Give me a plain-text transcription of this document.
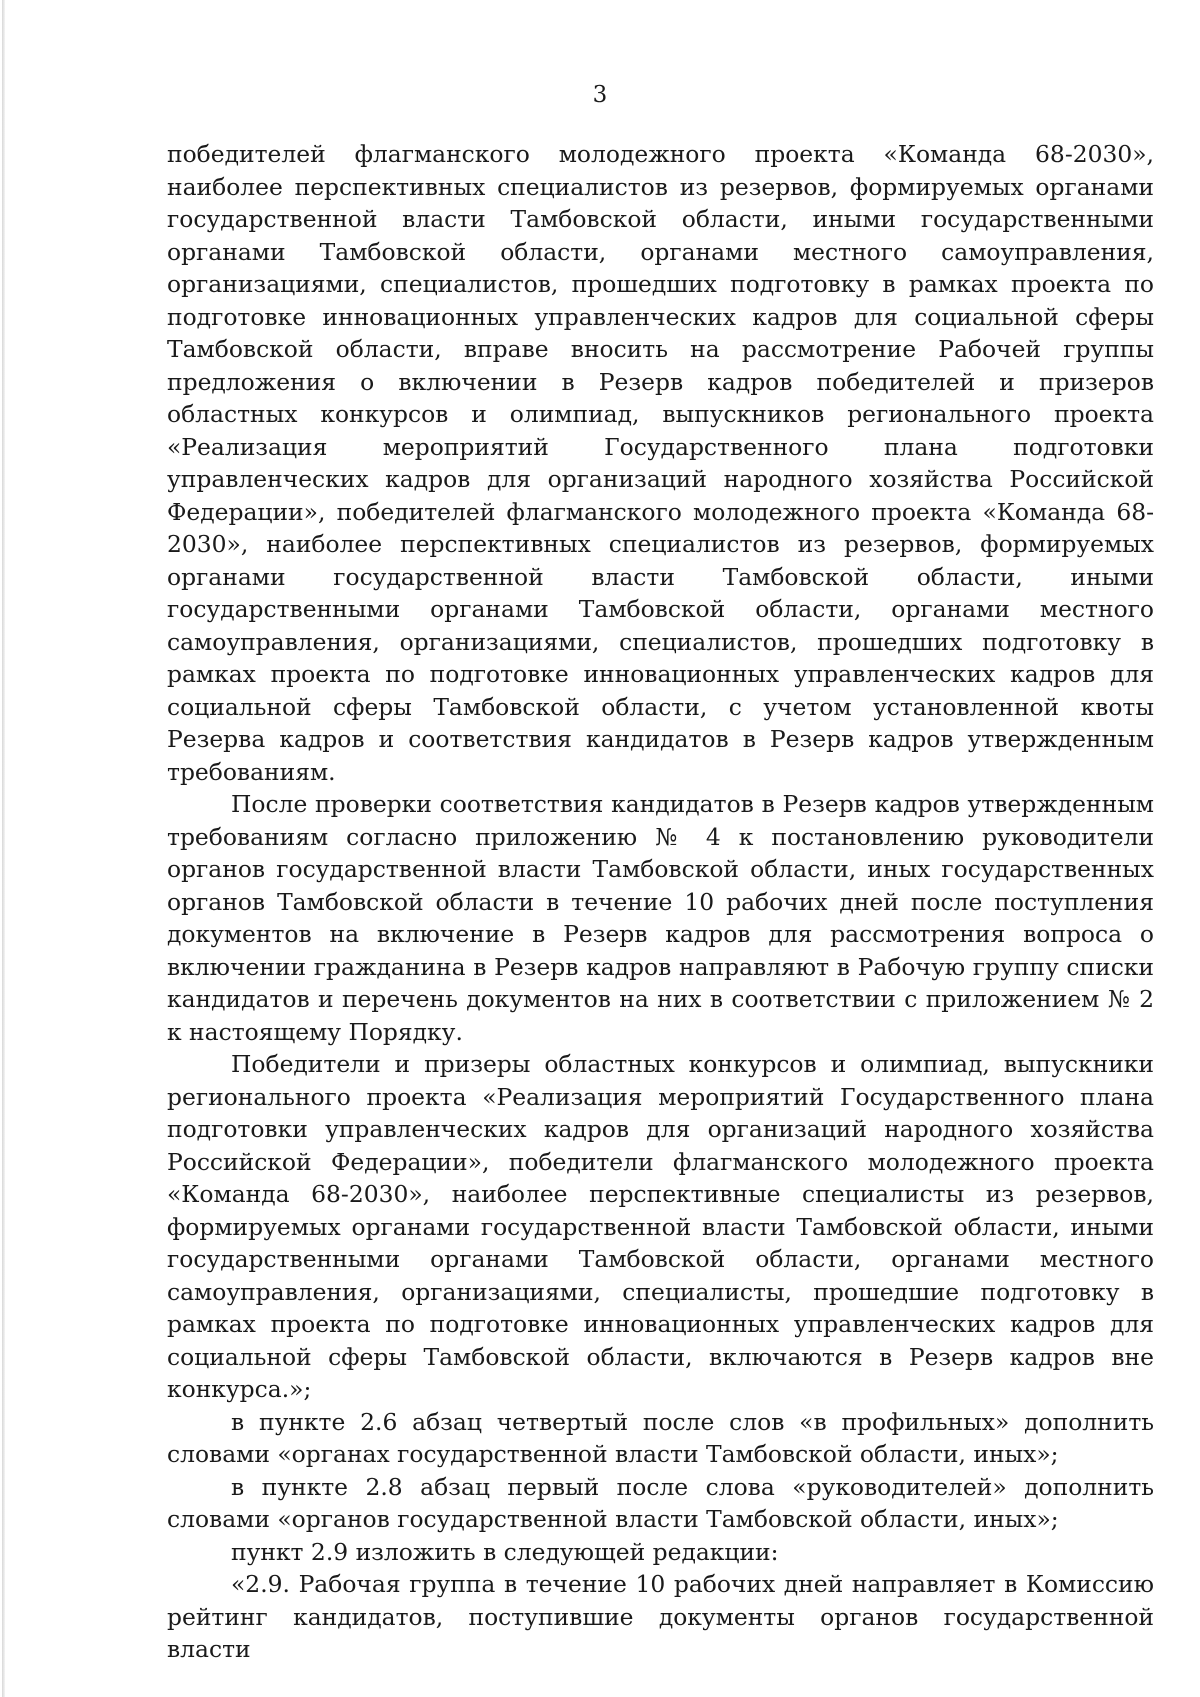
3

победителей флагманского молодежного проекта «Команда 68-2030», наиболее перспективных специалистов из резервов, формируемых органами государственной власти Тамбовской области, иными государственными органами Тамбовской области, органами местного самоуправления, организациями, специалистов, прошедших подготовку в рамках проекта по подготовке инновационных управленческих кадров для социальной сферы Тамбовской области, вправе вносить на рассмотрение Рабочей группы предложения о включении в Резерв кадров победителей и призеров областных конкурсов и олимпиад, выпускников регионального проекта «Реализация мероприятий Государственного плана подготовки управленческих кадров для организаций народного хозяйства Российской Федерации», победителей флагманского молодежного проекта «Команда 68-2030», наиболее перспективных специалистов из резервов, формируемых органами государственной власти Тамбовской области, иными государственными органами Тамбовской области, органами местного самоуправления, организациями, специалистов, прошедших подготовку в рамках проекта по подготовке инновационных управленческих кадров для социальной сферы Тамбовской области, с учетом установленной квоты Резерва кадров и соответствия кандидатов в Резерв кадров утвержденным требованиям.

После проверки соответствия кандидатов в Резерв кадров утвержденным требованиям согласно приложению № 4 к постановлению руководители органов государственной власти Тамбовской области, иных государственных органов Тамбовской области в течение 10 рабочих дней после поступления документов на включение в Резерв кадров для рассмотрения вопроса о включении гражданина в Резерв кадров направляют в Рабочую группу списки кандидатов и перечень документов на них в соответствии с приложением № 2 к настоящему Порядку.

Победители и призеры областных конкурсов и олимпиад, выпускники регионального проекта «Реализация мероприятий Государственного плана подготовки управленческих кадров для организаций народного хозяйства Российской Федерации», победители флагманского молодежного проекта «Команда 68-2030», наиболее перспективные специалисты из резервов, формируемых органами государственной власти Тамбовской области, иными государственными органами Тамбовской области, органами местного самоуправления, организациями, специалисты, прошедшие подготовку в рамках проекта по подготовке инновационных управленческих кадров для социальной сферы Тамбовской области, включаются в Резерв кадров вне конкурса.»;

в пункте 2.6 абзац четвертый после слов «в профильных» дополнить словами «органах государственной власти Тамбовской области, иных»;

в пункте 2.8 абзац первый после слова «руководителей» дополнить словами «органов государственной власти Тамбовской области, иных»;

пункт 2.9 изложить в следующей редакции:

«2.9. Рабочая группа в течение 10 рабочих дней направляет в Комиссию рейтинг кандидатов, поступившие документы органов государственной власти
